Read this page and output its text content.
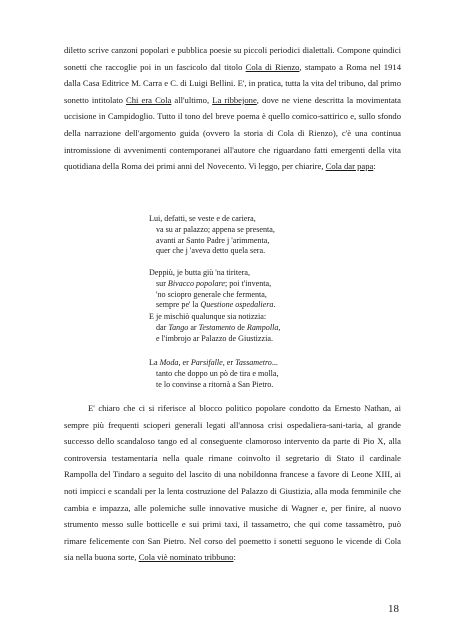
diletto scrive canzoni popolari e pubblica poesie su piccoli periodici dialettali. Compone quindici sonetti che raccoglie poi in un fascicolo dal titolo Cola di Rienzo, stampato a Roma nel 1914 dalla Casa Editrice M. Carra e C. di Luigi Bellini. E', in pratica, tutta la vita del tribuno, dal primo sonetto intitolato Chi era Cola all'ultimo, La ribbejone, dove ne viene descritta la movimentata uccisione in Campidoglio. Tutto il tono del breve poema è quello comico-sattirico e, sullo sfondo della narrazione dell'argomento guida (ovvero la storia di Cola di Rienzo), c'è una continua intromissione di avvenimenti contemporanei all'autore che riguardano fatti emergenti della vita quotidiana della Roma dei primi anni del Novecento. Vi leggo, per chiarire, Cola dar papa:

Lui, defatti, se veste e de cariera,
va su ar palazzo; appena se presenta,
avanti ar Santo Padre j 'arimmenta,
quer che j 'aveva detto quela sera.
Deppiù, je butta giù 'na tiritera,
sur Bivacco popolare; poi t'inventa,
'no sciopro generale che fermenta,
sempre pe' la Questione ospedaliera.
E je mischiò qualunque sia notizzia:
dar Tango ar Testamento de Rampolla,
e l'imbrojo ar Palazzo de Giustizzia.
La Moda, er Parsifalle, er Tassametro...
tanto che doppo un pò de tira e molla,
te lo convinse a ritornà a San Pietro.

E' chiaro che ci si riferisce al blocco politico popolare condotto da Ernesto Nathan, ai sempre più frequenti scioperi generali legati all'annosa crisi ospedaliera-sani-taria, al grande successo dello scandaloso tango ed al conseguente clamoroso intervento da parte di Pio X, alla controversia testamentaria nella quale rimane coinvolto il segretario di Stato il cardinale Rampolla del Tindaro a seguito del lascito di una nobildonna francese a favore di Leone XIII, ai noti impicci e scandali per la lenta costruzione del Palazzo di Giustizia, alla moda femminile che cambia e impazza, alle polemiche sulle innovative musiche di Wagner e, per finire, al nuovo strumento messo sulle botticelle e sui primi taxi, il tassametro, che qui come tassamètro, può rimare felicemente con San Pietro. Nel corso del poemetto i sonetti seguono le vicende di Cola sia nella buona sorte, Cola viè nominato tribbuno:

18
